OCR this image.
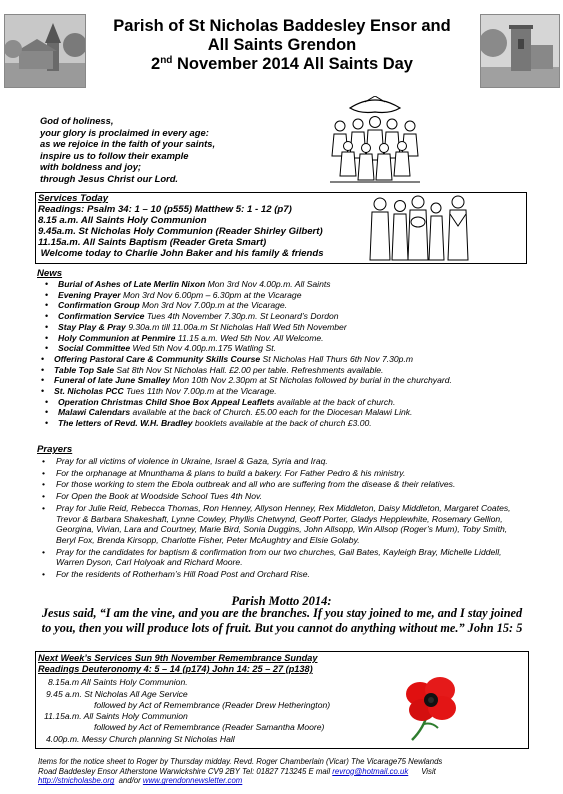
Parish of St Nicholas Baddesley Ensor and
All Saints Grendon
2nd November 2014 All Saints Day
God of holiness,
your glory is proclaimed in every age:
as we rejoice in the faith of your saints,
inspire us to follow their example
with boldness and joy;
through Jesus Christ our Lord.
Services Today
Readings: Psalm 34: 1 – 10 (p555) Matthew 5: 1 - 12 (p7)
8.15 a.m. All Saints Holy Communion
9.45a.m. St Nicholas Holy Communion (Reader Shirley Gilbert)
11.15a.m. All Saints Baptism (Reader Greta Smart)
Welcome today to Charlie John Baker and his family & friends
News
• Burial of Ashes of Late Merlin Nixon Mon 3rd Nov 4.00p.m. All Saints
• Evening Prayer Mon 3rd Nov 6.00pm – 6.30pm at the Vicarage
• Confirmation Group Mon 3rd Nov 7.00p.m at the Vicarage.
• Confirmation Service Tues 4th November 7.30p.m. St Leonard’s Dordon
• Stay Play & Pray 9.30a.m till 11.00a.m St Nicholas Hall Wed 5th November
• Holy Communion at Penmire 11.15 a.m. Wed 5th Nov. All Welcome.
• Social Committee Wed 5th Nov 4.00p.m.175 Watling St.
• Offering Pastoral Care & Community Skills Course St Nicholas Hall Thurs 6th Nov 7.30p.m
• Table Top Sale Sat 8th Nov St Nicholas Hall. £2.00 per table. Refreshments available.
• Funeral of late June Smalley Mon 10th Nov 2.30pm at St Nicholas followed by burial in the churchyard.
• St. Nicholas PCC Tues 11th Nov 7.00p.m at the Vicarage.
• Operation Christmas Child Shoe Box Appeal Leaflets available at the back of church.
• Malawi Calendars available at the back of Church. £5.00 each for the Diocesan Malawi Link.
• The letters of Revd. W.H. Bradley booklets available at the back of church £3.00.
Prayers
• Pray for all victims of violence in Ukraine, Israel & Gaza, Syria and Iraq.
• For the orphanage at Mnunthama & plans to build a bakery. For Father Pedro & his ministry.
• For those working to stem the Ebola outbreak and all who are suffering from the disease & their relatives.
• For Open the Book at Woodside School Tues 4th Nov.
• Pray for Julie Reid, Rebecca Thomas, Ron Henney, Allyson Henney, Rex Middleton, Daisy Middleton, Margaret Coates, Trevor & Barbara Shakeshaft, Lynne Cowley, Phyllis Chetwynd, Geoff Porter, Gladys Hepplewhite, Rosemary Gellion, Georgina, Vivian, Lara and Courtney, Marie Bird, Sonia Duggins, John Allsopp, Win Allsop (Roger’s Mum), Toby Smith, Beryl Fox, Brenda Kirsopp, Charlotte Fisher, Peter McAughtry and Elsie Golaby.
• Pray for the candidates for baptism & confirmation from our two churches, Gail Bates, Kayleigh Bray, Michelle Liddell, Warren Dyson, Carl Holyoak and Richard Moore.
• For the residents of Rotherham’s Hill Road Post and Orchard Rise.
Parish Motto 2014:
Jesus said, “I am the vine, and you are the branches. If you stay joined to me, and I stay joined to you, then you will produce lots of fruit. But you cannot do anything without me.” John 15: 5
Next Week’s Services Sun 9th November Remembrance Sunday
Readings Deuteronomy 4: 5 – 14 (p174) John 14: 25 – 27 (p138)
8.15a.m All Saints Holy Communion.
9.45 a.m. St Nicholas All Age Service
followed by Act of Remembrance (Reader Drew Hetherington)
11.15a.m. All Saints Holy Communion
followed by Act of Remembrance (Reader Samantha Moore)
4.00p.m. Messy Church planning St Nicholas Hall
Items for the notice sheet to Roger by Thursday midday. Revd. Roger Chamberlain (Vicar) The Vicarage75 Newlands
Road Baddesley Ensor Atherstone Warwickshire CV9 2BY Tel: 01827 713245 E mail revrog@hotmail.co.uk      Visit
http://stnicholasbe.org  and/or www.grendonnewsletter.com
